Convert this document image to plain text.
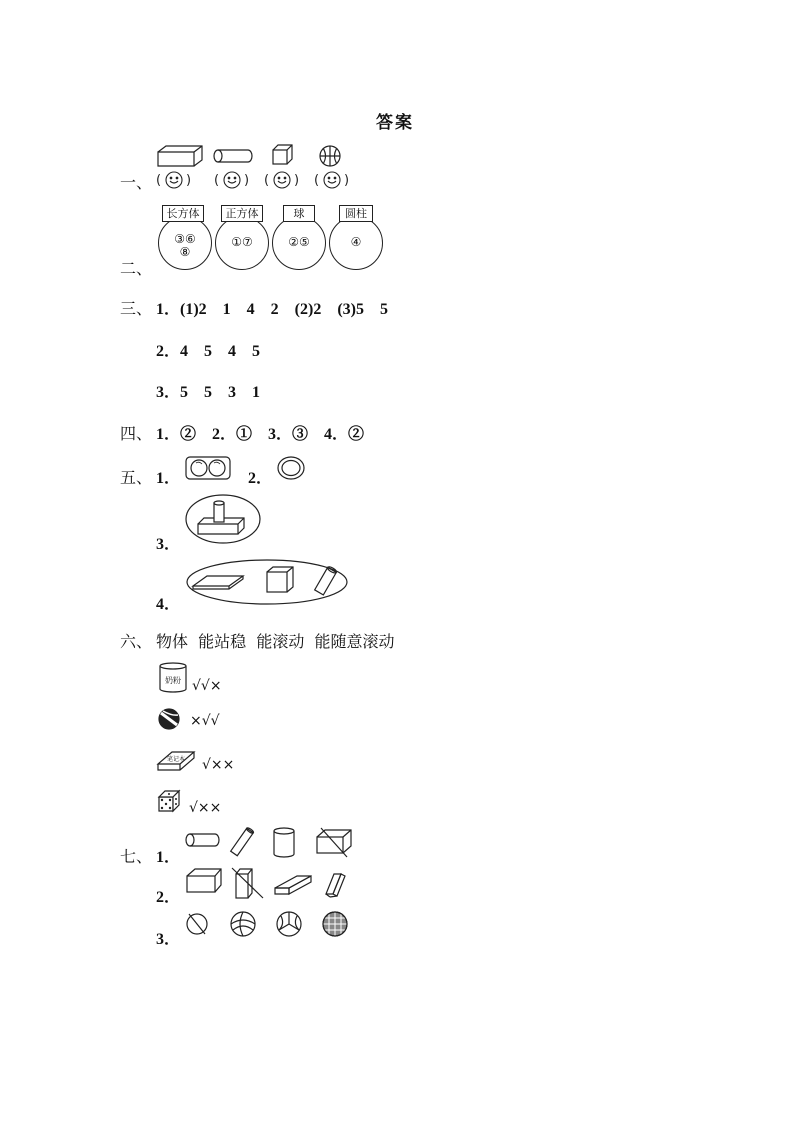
答案
一、 ( ) ( ) ( ) ( )
二、
③⑥
⑧
长方体
①⑦
正方体
②⑤
球
④
圆柱
三、 1．(1)2　1　4　2　(2)2　(3)5　5
2．4　5　4　5
3．5　5　3　1
四、 1．②　2．①　3．③　4．②
五、 1．	2．
3．
4．
六、 物体  能站稳  能滚动  能随意滚动
奶粉 √√×
×√√
笔记本 √××
√××
七、 1．
2．
3．
